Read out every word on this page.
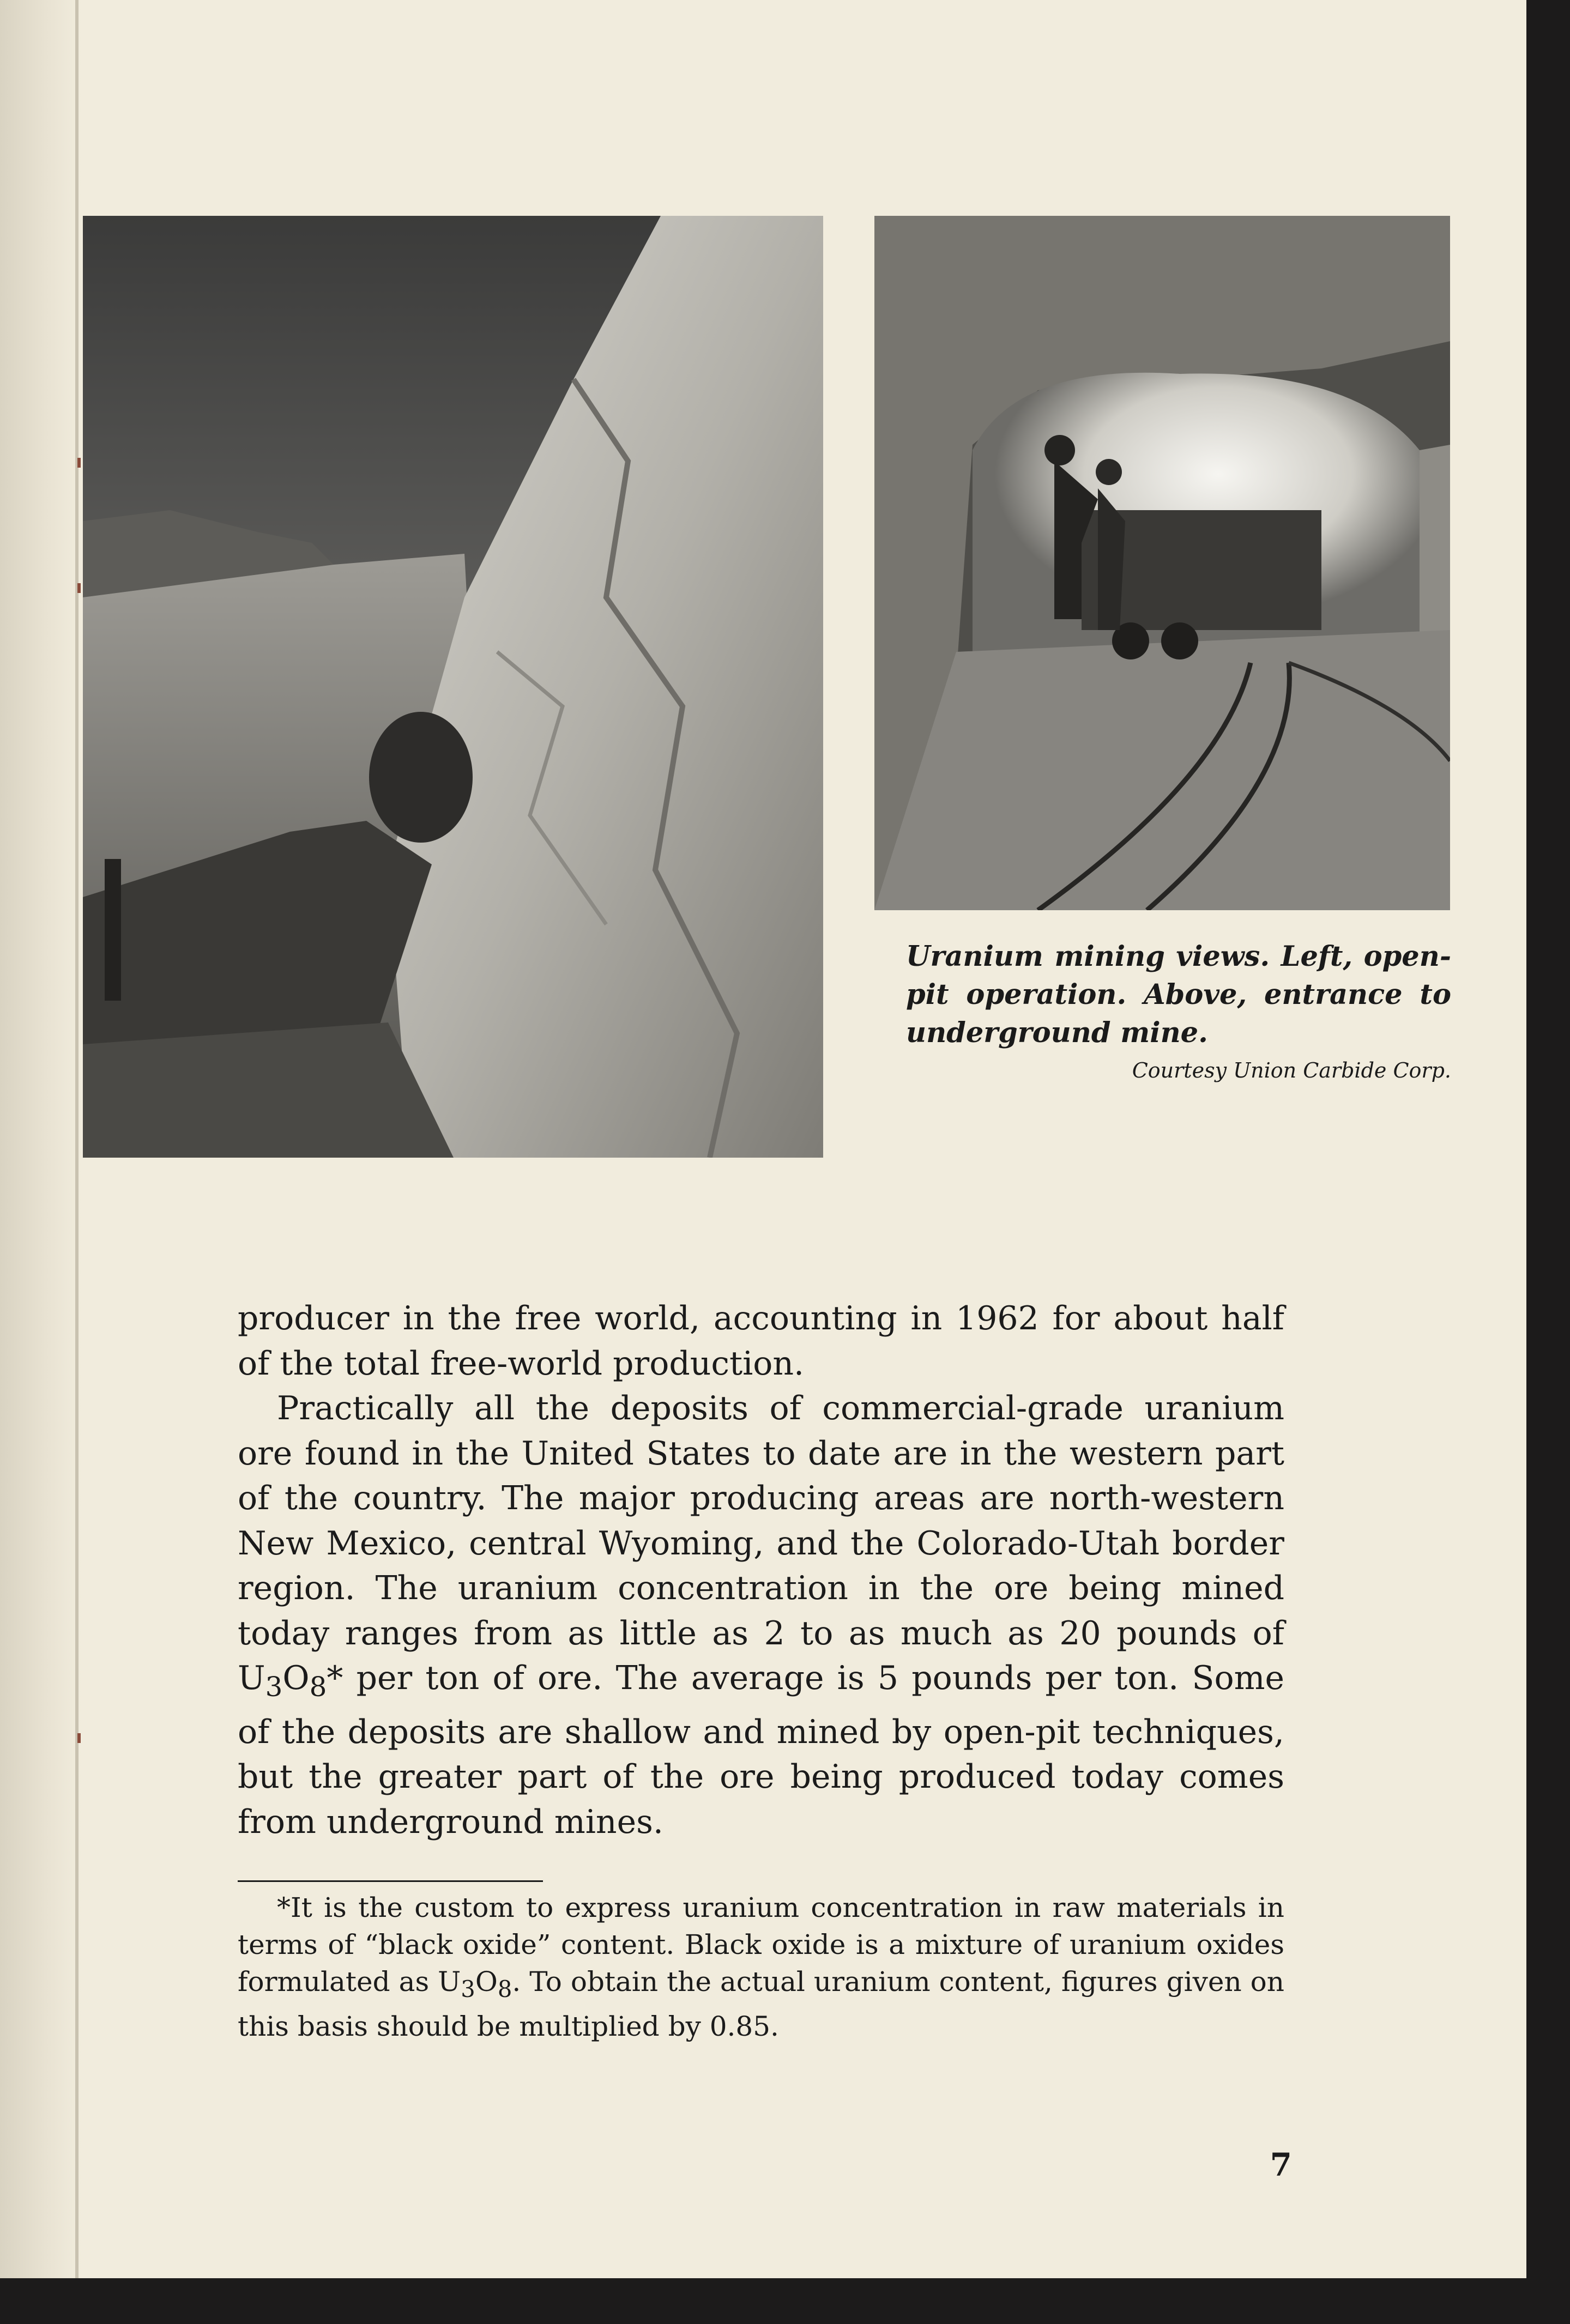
Uranium mining views. Left, open-pit operation. Above, entrance to underground mine.
Courtesy Union Carbide Corp.

producer in the free world, accounting in 1962 for about half of the total free-world production.

Practically all the deposits of commercial-grade uranium ore found in the United States to date are in the western part of the country. The major producing areas are north-western New Mexico, central Wyoming, and the Colorado-Utah border region. The uranium concentration in the ore being mined today ranges from as little as 2 to as much as 20 pounds of $U_3O_8*$ per ton of ore. The average is 5 pounds per ton. Some of the deposits are shallow and mined by open-pit techniques, but the greater part of the ore being produced today comes from underground mines.

*It is the custom to express uranium concentration in raw materials in terms of “black oxide” content. Black oxide is a mixture of uranium oxides formulated as $U_3O_8$. To obtain the actual uranium content, figures given on this basis should be multiplied by 0.85.
7
